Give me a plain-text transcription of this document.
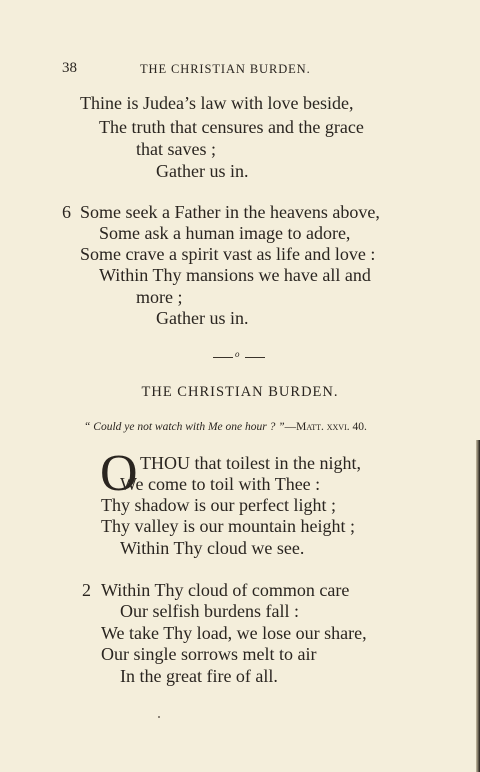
38	THE CHRISTIAN BURDEN.
Thine is Judea’s law with love beside,
The truth that censures and the grace
that saves ;
Gather us in.
6 Some seek a Father in the heavens above,
Some ask a human image to adore,
Some crave a spirit vast as life and love :
Within Thy mansions we have all and
more ;
Gather us in.
o
THE CHRISTIAN BURDEN.
“ Could ye not watch with Me one hour ? ”—Matt. xxvi. 40.
O THOU that toilest in the night,
We come to toil with Thee :
Thy shadow is our perfect light ;
Thy valley is our mountain height ;
Within Thy cloud we see.
2 Within Thy cloud of common care
Our selfish burdens fall :
We take Thy load, we lose our share,
Our single sorrows melt to air
In the great fire of all.
